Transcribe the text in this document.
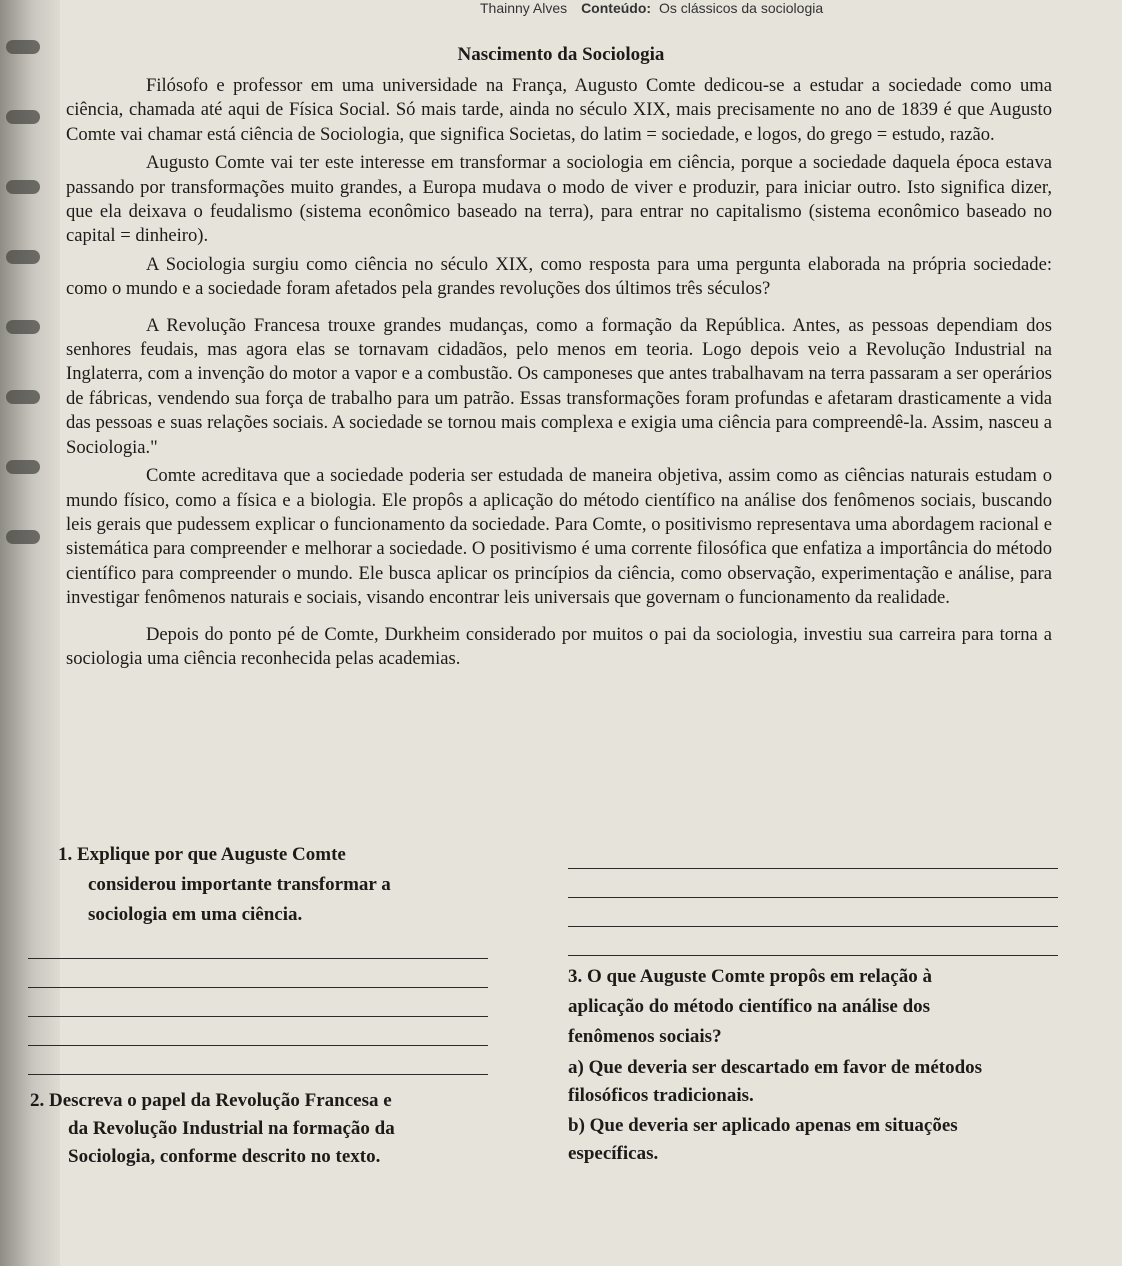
Thainny Alves Conteúdo: Os clássicos da sociologia
Nascimento da Sociologia

Filósofo e professor em uma universidade na França, Augusto Comte dedicou-se a estudar a sociedade como uma ciência, chamada até aqui de Física Social. Só mais tarde, ainda no século XIX, mais precisamente no ano de 1839 é que Augusto Comte vai chamar está ciência de Sociologia, que significa Societas, do latim = sociedade, e logos, do grego = estudo, razão.

Augusto Comte vai ter este interesse em transformar a sociologia em ciência, porque a sociedade daquela época estava passando por transformações muito grandes, a Europa mudava o modo de viver e produzir, para iniciar outro. Isto significa dizer, que ela deixava o feudalismo (sistema econômico baseado na terra), para entrar no capitalismo (sistema econômico baseado no capital = dinheiro).

A Sociologia surgiu como ciência no século XIX, como resposta para uma pergunta elaborada na própria sociedade: como o mundo e a sociedade foram afetados pela grandes revoluções dos últimos três séculos?

A Revolução Francesa trouxe grandes mudanças, como a formação da República. Antes, as pessoas dependiam dos senhores feudais, mas agora elas se tornavam cidadãos, pelo menos em teoria. Logo depois veio a Revolução Industrial na Inglaterra, com a invenção do motor a vapor e a combustão. Os camponeses que antes trabalhavam na terra passaram a ser operários de fábricas, vendendo sua força de trabalho para um patrão. Essas transformações foram profundas e afetaram drasticamente a vida das pessoas e suas relações sociais. A sociedade se tornou mais complexa e exigia uma ciência para compreendê-la. Assim, nasceu a Sociologia."

Comte acreditava que a sociedade poderia ser estudada de maneira objetiva, assim como as ciências naturais estudam o mundo físico, como a física e a biologia. Ele propôs a aplicação do método científico na análise dos fenômenos sociais, buscando leis gerais que pudessem explicar o funcionamento da sociedade. Para Comte, o positivismo representava uma abordagem racional e sistemática para compreender e melhorar a sociedade. O positivismo é uma corrente filosófica que enfatiza a importância do método científico para compreender o mundo. Ele busca aplicar os princípios da ciência, como observação, experimentação e análise, para investigar fenômenos naturais e sociais, visando encontrar leis universais que governam o funcionamento da realidade.

Depois do ponto pé de Comte, Durkheim considerado por muitos o pai da sociologia, investiu sua carreira para torna a sociologia uma ciência reconhecida pelas academias.

1. Explique por que Auguste Comte
considerou importante transformar a
sociologia em uma ciência.
2. Descreva o papel da Revolução Francesa e
da Revolução Industrial na formação da
Sociologia, conforme descrito no texto.
3. O que Auguste Comte propôs em relação à
aplicação do método científico na análise dos
fenômenos sociais?
a) Que deveria ser descartado em favor de métodos
filosóficos tradicionais.
b) Que deveria ser aplicado apenas em situações
específicas.
